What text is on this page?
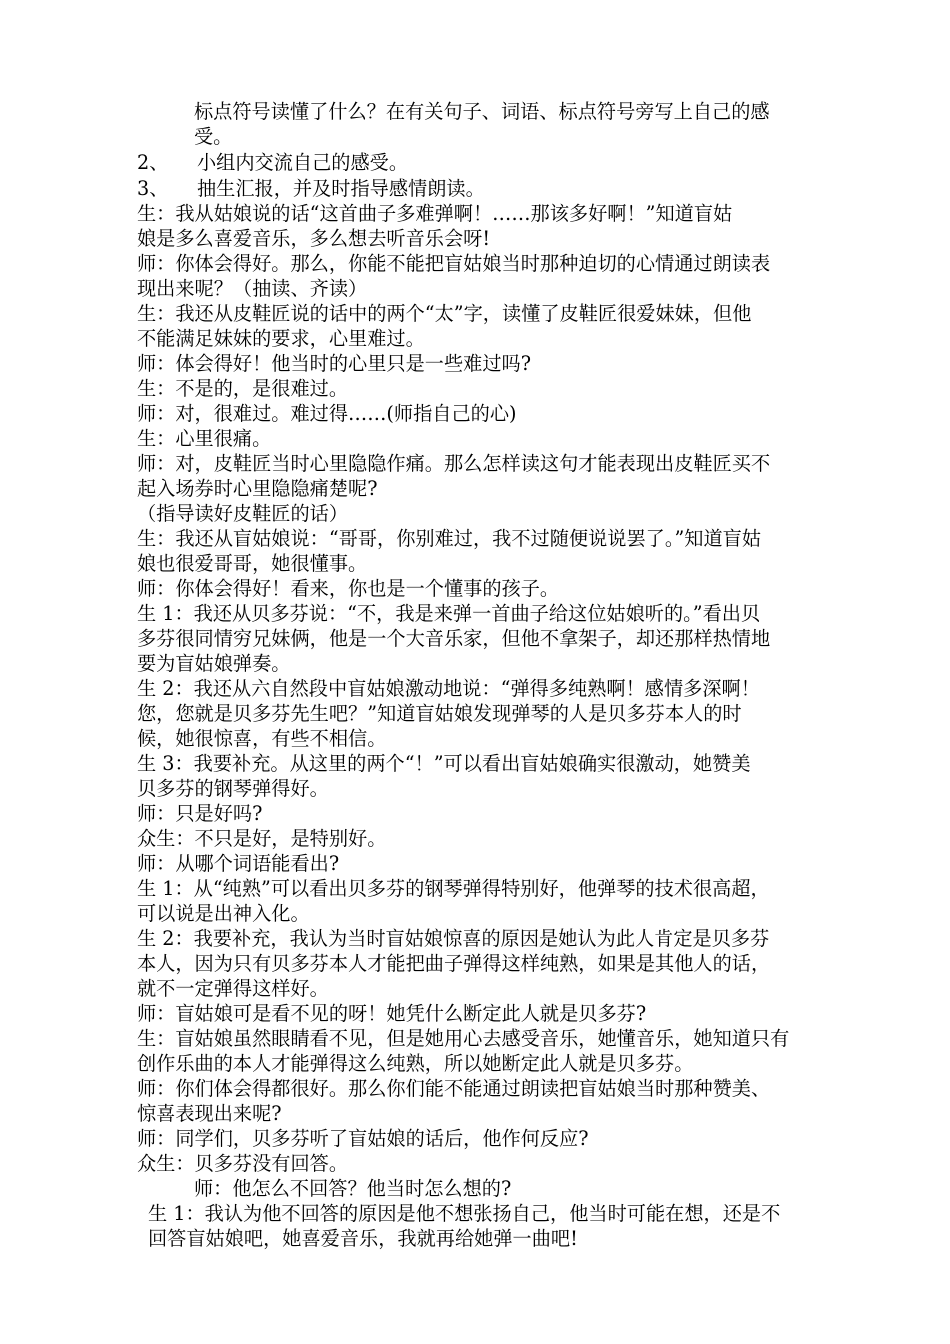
标点符号读懂了什么？在有关句子、词语、标点符号旁写上自己的感
受。
2、 小组内交流自己的感受。
3、 抽生汇报，并及时指导感情朗读。
生：我从姑娘说的话“这首曲子多难弹啊！……那该多好啊！”知道盲姑
娘是多么喜爱音乐，多么想去听音乐会呀!
师：你体会得好。那么，你能不能把盲姑娘当时那种迫切的心情通过朗读表
现出来呢？（抽读、齐读）
生：我还从皮鞋匠说的话中的两个“太”字，读懂了皮鞋匠很爱妹妹，但他
不能满足妹妹的要求，心里难过。
师：体会得好！他当时的心里只是一些难过吗?
生：不是的，是很难过。
师：对，很难过。难过得……(师指自己的心)
生：心里很痛。
师：对，皮鞋匠当时心里隐隐作痛。那么怎样读这句才能表现出皮鞋匠买不
起入场券时心里隐隐痛楚呢?
（指导读好皮鞋匠的话）
生：我还从盲姑娘说：“哥哥，你别难过，我不过随便说说罢了。”知道盲姑
娘也很爱哥哥，她很懂事。
师：你体会得好！看来，你也是一个懂事的孩子。
生 1：我还从贝多芬说：“不，我是来弹一首曲子给这位姑娘听的。”看出贝
多芬很同情穷兄妹俩，他是一个大音乐家，但他不拿架子，却还那样热情地
要为盲姑娘弹奏。
生 2：我还从六自然段中盲姑娘激动地说：“弹得多纯熟啊！感情多深啊！
您，您就是贝多芬先生吧？”知道盲姑娘发现弹琴的人是贝多芬本人的时
候，她很惊喜，有些不相信。
生 3：我要补充。从这里的两个“！”可以看出盲姑娘确实很激动，她赞美
贝多芬的钢琴弹得好。
师：只是好吗?
众生：不只是好，是特别好。
师：从哪个词语能看出?
生 1：从“纯熟”可以看出贝多芬的钢琴弹得特别好，他弹琴的技术很高超，
可以说是出神入化。
生 2：我要补充，我认为当时盲姑娘惊喜的原因是她认为此人肯定是贝多芬
本人，因为只有贝多芬本人才能把曲子弹得这样纯熟，如果是其他人的话，
就不一定弹得这样好。
师：盲姑娘可是看不见的呀！她凭什么断定此人就是贝多芬?
生：盲姑娘虽然眼睛看不见，但是她用心去感受音乐，她懂音乐，她知道只有
创作乐曲的本人才能弹得这么纯熟，所以她断定此人就是贝多芬。
师：你们体会得都很好。那么你们能不能通过朗读把盲姑娘当时那种赞美、
惊喜表现出来呢?
师：同学们，贝多芬听了盲姑娘的话后，他作何反应?
众生：贝多芬没有回答。
师：他怎么不回答？他当时怎么想的?
生 1：我认为他不回答的原因是他不想张扬自己，他当时可能在想，还是不
回答盲姑娘吧，她喜爱音乐，我就再给她弹一曲吧!
